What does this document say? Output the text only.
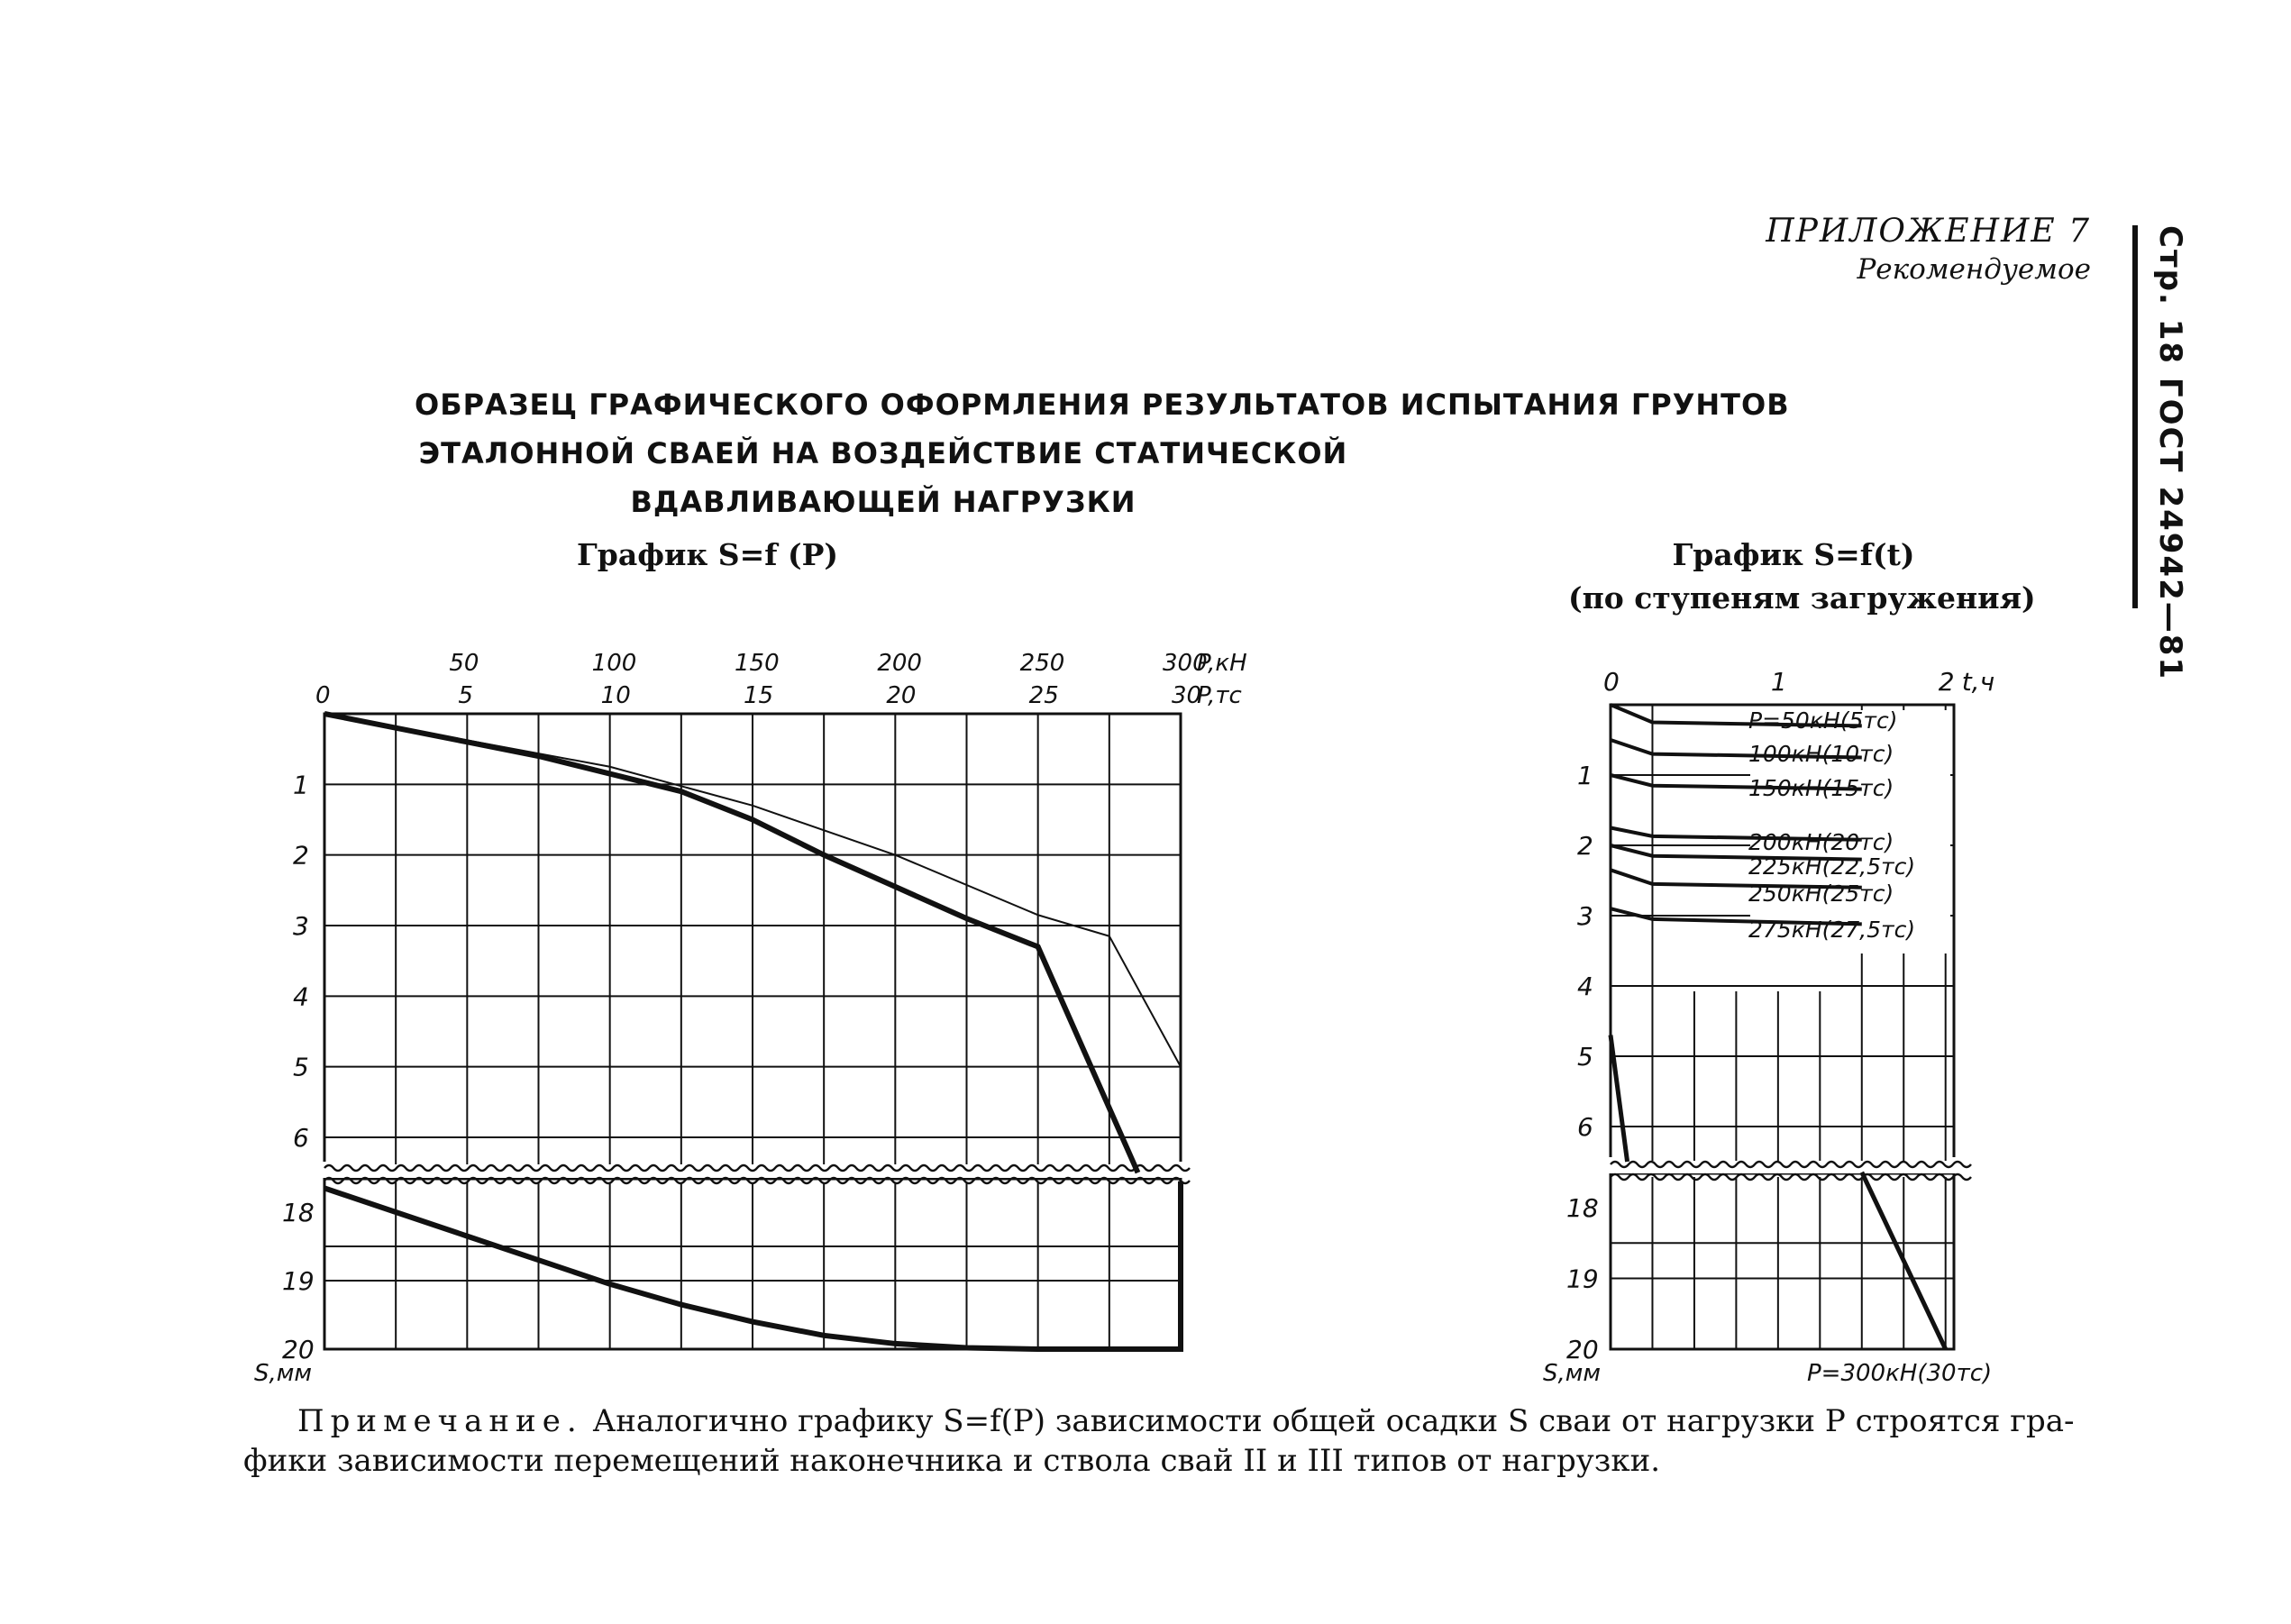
ПРИЛОЖЕНИЕ 7
Рекомендуемое Стр. 18 ГОСТ 24942—81
ОБРАЗЕЦ ГРАФИЧЕСКОГО ОФОРМЛЕНИЯ РЕЗУЛЬТАТОВ ИСПЫТАНИЯ ГРУНТОВ
ЭТАЛОННОЙ СВАЕЙ НА ВОЗДЕЙСТВИЕ СТАТИЧЕСКОЙ
ВДАВЛИВАЮЩЕЙ НАГРУЗКИ
График S=f (P)	График S=f(t)
(по ступеням загружения)
50	100	150	200	250	300
0	5	10	15	20	25	30
P,кН
P,тс
1
2
3
4
5
6
18
19
20
S,мм
0	1	2 t,ч
1
2
3
4
5
6
18
19
20
S,мм
P=50кН(5тс)
100кН(10тс)
150кН(15тс)
200кН(20тс)
225кН(22,5тс)
250кН(25тс)
275кН(27,5тс)
P=300кН(30тс)
Примечание. Аналогично графику S=f(P) зависимости общей осадки S сваи от нагрузки P строятся гра-
фики зависимости перемещений наконечника и ствола свай II и III типов от нагрузки.
